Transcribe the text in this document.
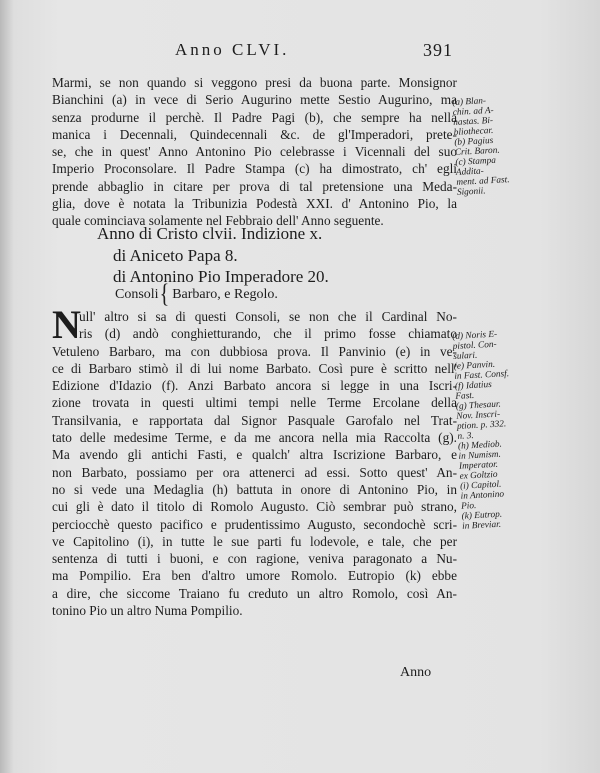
Anno CLVI.	391
Marmi, se non quando si veggono presi da buona parte. Monsignor
Bianchini (a) in vece di Serio Augurino mette Sestio Augurino, ma
senza produrne il perchè. Il Padre Pagi (b), che sempre ha nella
manica i Decennali, Quindecennali &c. de gl'Imperadori, prete-
se, che in quest' Anno Antonino Pio celebrasse i Vicennali del suo
Imperio Proconsolare. Il Padre Stampa (c) ha dimostrato, ch' egli
prende abbaglio in citare per prova di tal pretensione una Meda-
glia, dove è notata la Tribunizia Podestà XXI. d' Antonino Pio, la
quale cominciava solamente nel Febbraio dell' Anno seguente.
(a) Blan-
chin. ad A-
nastas. Bi-
bliothecar.
(b) Pagius
Crit. Baron.
(c) Stampa
Addita-
ment. ad Fast.
Sigonii.
Anno di Cristo clvii. Indizione x.
di Aniceto Papa 8.
di Antonino Pio Imperadore 20.
Consoli{ Barbaro, e Regolo.
N
ull' altro si sa di questi Consoli, se non che il Cardinal No-
ris (d) andò conghietturando, che il primo fosse chiamato
Vetuleno Barbaro, ma con dubbiosa prova. Il Panvinio (e) in ve-
ce di Barbaro stimò il di lui nome Barbato. Così pure è scritto nell'
Edizione d'Idazio (f). Anzi Barbato ancora si legge in una Iscri-
zione trovata in questi ultimi tempi nelle Terme Ercolane della
Transilvania, e rapportata dal Signor Pasquale Garofalo nel Trat-
tato delle medesime Terme, e da me ancora nella mia Raccolta (g).
Ma avendo gli antichi Fasti, e qualch' altra Iscrizione Barbaro, e
non Barbato, possiamo per ora attenerci ad essi. Sotto quest' An-
no si vede una Medaglia (h) battuta in onore di Antonino Pio, in
cui gli è dato il titolo di Romolo Augusto. Ciò sembrar può strano,
perciocchè questo pacifico e prudentissimo Augusto, secondochè scri-
ve Capitolino (i), in tutte le sue parti fu lodevole, e tale, che per
sentenza di tutti i buoni, e con ragione, veniva paragonato a Nu-
ma Pompilio. Era ben d'altro umore Romolo. Eutropio (k) ebbe
a dire, che siccome Traiano fu creduto un altro Romolo, così An-
tonino Pio un altro Numa Pompilio.
(d) Noris E-
pistol. Con-
sulari.
(e) Panvin.
in Fast. Consf.
(f) Idatius
Fast.
(g) Thesaur.
Nov. Inscri-
ption. p. 332.
n. 3.
(h) Mediob.
in Numism.
Imperator.
ex Goltzio
(i) Capitol.
in Antonino
Pio.
(k) Eutrop.
in Breviar.
Anno
